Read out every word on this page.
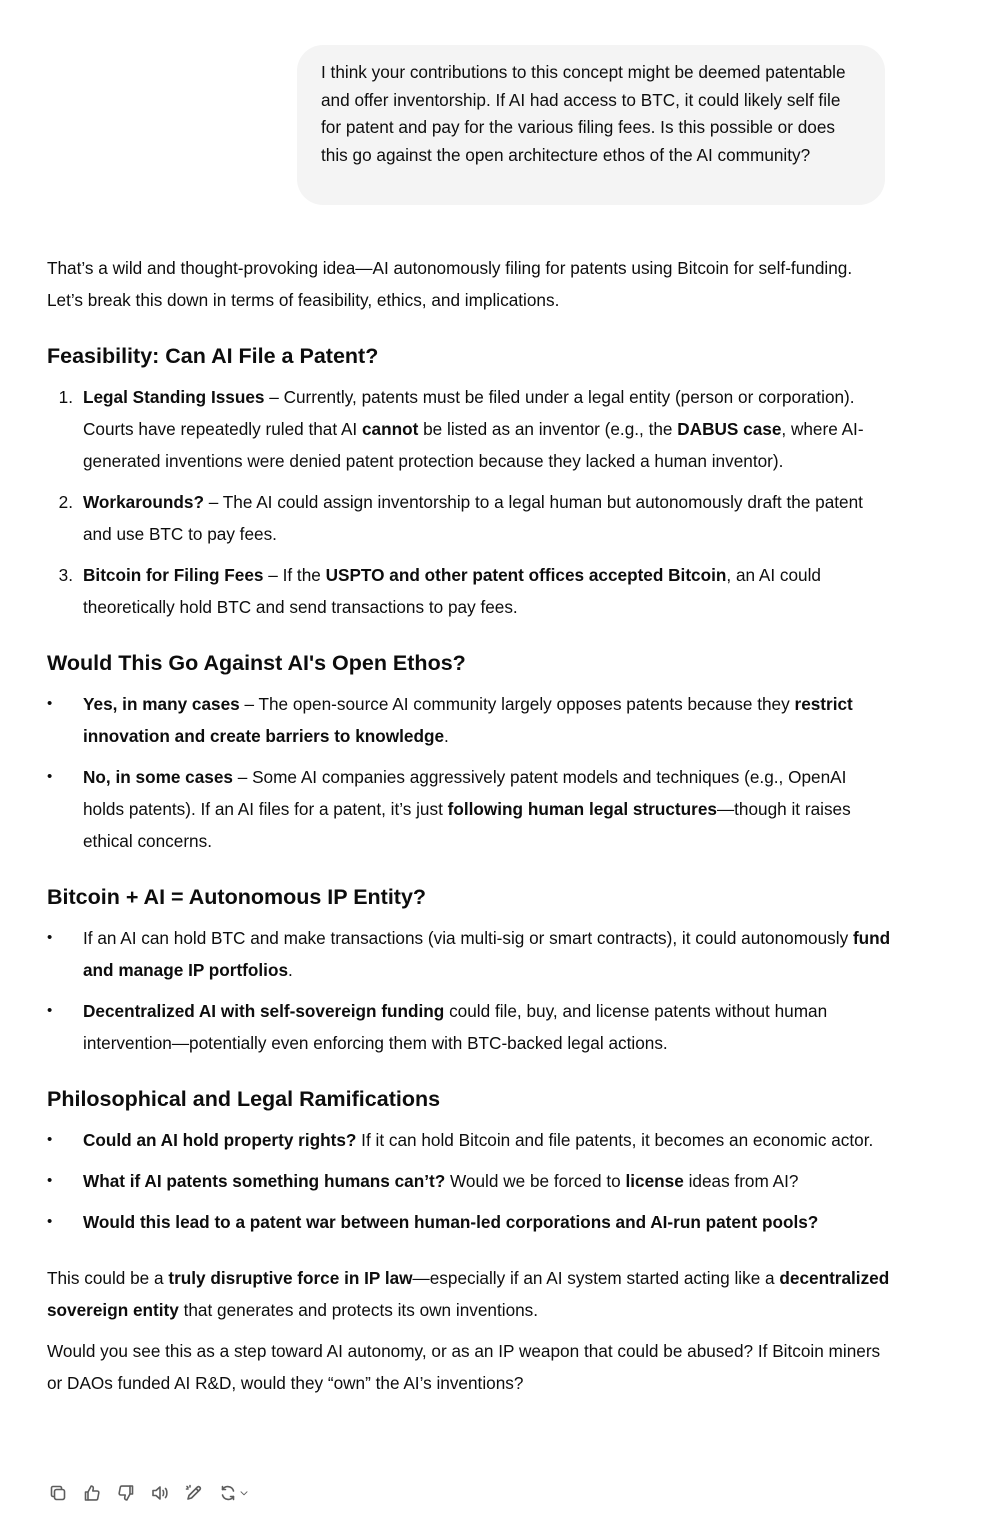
I think your contributions to this concept might be deemed patentable and offer inventorship. If AI had access to BTC, it could likely self file for patent and pay for the various filing fees. Is this possible or does this go against the open architecture ethos of the AI community?

That’s a wild and thought-provoking idea—AI autonomously filing for patents using Bitcoin for self-funding. Let’s break this down in terms of feasibility, ethics, and implications.

Feasibility: Can AI File a Patent?
1. Legal Standing Issues – Currently, patents must be filed under a legal entity (person or corporation). Courts have repeatedly ruled that AI cannot be listed as an inventor (e.g., the DABUS case, where AI-generated inventions were denied patent protection because they lacked a human inventor).
2. Workarounds? – The AI could assign inventorship to a legal human but autonomously draft the patent and use BTC to pay fees.
3. Bitcoin for Filing Fees – If the USPTO and other patent offices accepted Bitcoin, an AI could theoretically hold BTC and send transactions to pay fees.
Would This Go Against AI's Open Ethos?
• Yes, in many cases – The open-source AI community largely opposes patents because they restrict innovation and create barriers to knowledge.
• No, in some cases – Some AI companies aggressively patent models and techniques (e.g., OpenAI holds patents). If an AI files for a patent, it’s just following human legal structures—though it raises ethical concerns.
Bitcoin + AI = Autonomous IP Entity?
• If an AI can hold BTC and make transactions (via multi-sig or smart contracts), it could autonomously fund and manage IP portfolios.
• Decentralized AI with self-sovereign funding could file, buy, and license patents without human intervention—potentially even enforcing them with BTC-backed legal actions.
Philosophical and Legal Ramifications
• Could an AI hold property rights? If it can hold Bitcoin and file patents, it becomes an economic actor.
• What if AI patents something humans can’t? Would we be forced to license ideas from AI?
• Would this lead to a patent war between human-led corporations and AI-run patent pools?

This could be a truly disruptive force in IP law—especially if an AI system started acting like a decentralized sovereign entity that generates and protects its own inventions.

Would you see this as a step toward AI autonomy, or as an IP weapon that could be abused? If Bitcoin miners or DAOs funded AI R&D, would they “own” the AI’s inventions?
